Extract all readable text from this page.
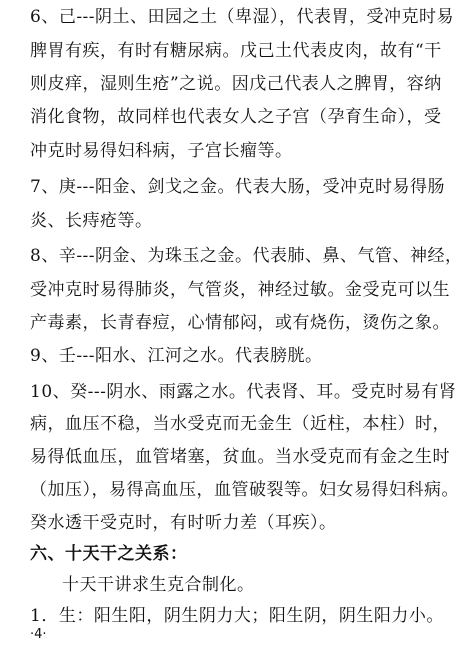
6、己---阴土、田园之土（卑湿），代表胃，受冲克时易
脾胃有疾，有时有糖尿病。戊己土代表皮肉，故有“干
则皮痒，湿则生疮”之说。因戊己代表人之脾胃，容纳
消化食物，故同样也代表女人之子宫（孕育生命），受
冲克时易得妇科病，子宫长瘤等。
7、庚---阳金、剑戈之金。代表大肠，受冲克时易得肠
炎、长痔疮等。
8、辛---阴金、为珠玉之金。代表肺、鼻、气管、神经，
受冲克时易得肺炎，气管炎，神经过敏。金受克可以生
产毒素，长青春痘，心情郁闷，或有烧伤，烫伤之象。
9、壬---阳水、江河之水。代表膀胱。
10、癸---阴水、雨露之水。代表肾、耳。受克时易有肾
病，血压不稳，当水受克而无金生（近柱，本柱）时，
易得低血压，血管堵塞，贫血。当水受克而有金之生时
（加压），易得高血压，血管破裂等。妇女易得妇科病。
癸水透干受克时，有时听力差（耳疾）。
六、十天干之关系：
十天干讲求生克合制化。
1．生：阳生阳，阴生阴力大；阳生阴，阴生阳力小。
·4·
